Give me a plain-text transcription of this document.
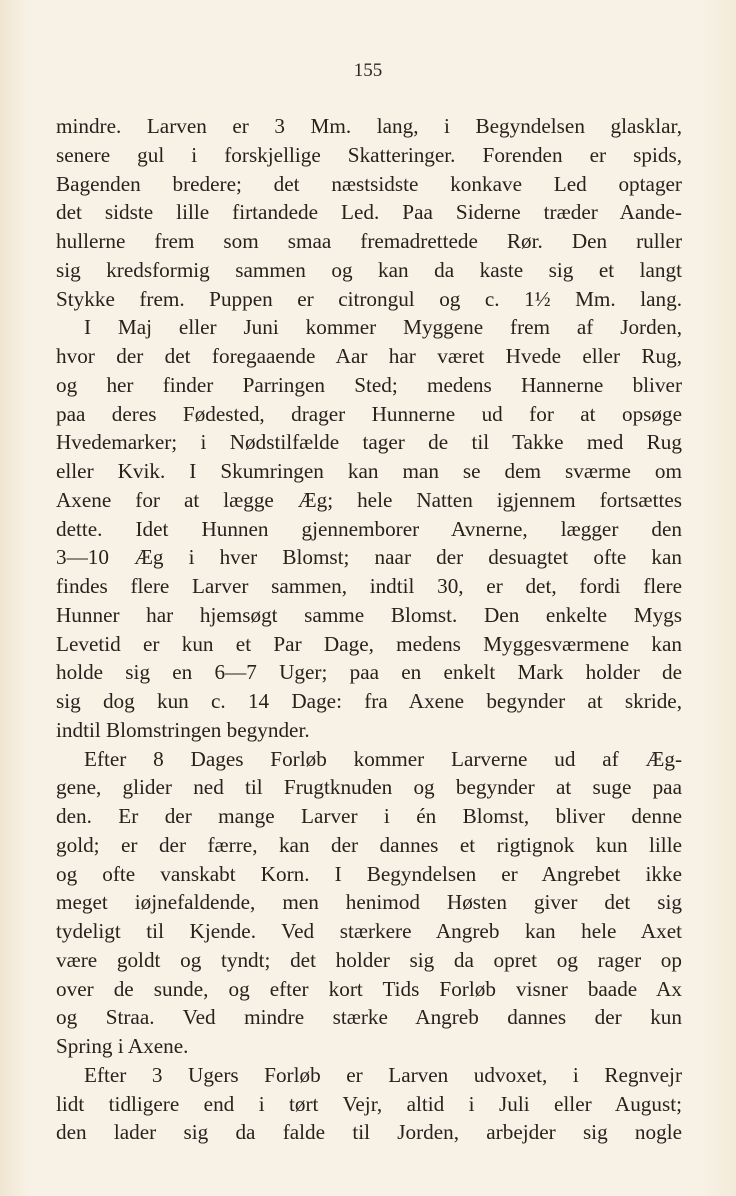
155
mindre. Larven er 3 Mm. lang, i Begyndelsen glasklar,
senere gul i forskjellige Skatteringer. Forenden er spids,
Bagenden bredere; det næstsidste konkave Led optager
det sidste lille firtandede Led. Paa Siderne træder Aande-
hullerne frem som smaa fremadrettede Rør. Den ruller
sig kredsformig sammen og kan da kaste sig et langt
Stykke frem. Puppen er citrongul og c. 1½ Mm. lang.
I Maj eller Juni kommer Myggene frem af Jorden,
hvor der det foregaaende Aar har været Hvede eller Rug,
og her finder Parringen Sted; medens Hannerne bliver
paa deres Fødested, drager Hunnerne ud for at opsøge
Hvedemarker; i Nødstilfælde tager de til Takke med Rug
eller Kvik. I Skumringen kan man se dem sværme om
Axene for at lægge Æg; hele Natten igjennem fortsættes
dette. Idet Hunnen gjennemborer Avnerne, lægger den
3—10 Æg i hver Blomst; naar der desuagtet ofte kan
findes flere Larver sammen, indtil 30, er det, fordi flere
Hunner har hjemsøgt samme Blomst. Den enkelte Mygs
Levetid er kun et Par Dage, medens Myggesværmene kan
holde sig en 6—7 Uger; paa en enkelt Mark holder de
sig dog kun c. 14 Dage: fra Axene begynder at skride,
indtil Blomstringen begynder.
Efter 8 Dages Forløb kommer Larverne ud af Æg-
gene, glider ned til Frugtknuden og begynder at suge paa
den. Er der mange Larver i én Blomst, bliver denne
gold; er der færre, kan der dannes et rigtignok kun lille
og ofte vanskabt Korn. I Begyndelsen er Angrebet ikke
meget iøjnefaldende, men henimod Høsten giver det sig
tydeligt til Kjende. Ved stærkere Angreb kan hele Axet
være goldt og tyndt; det holder sig da opret og rager op
over de sunde, og efter kort Tids Forløb visner baade Ax
og Straa. Ved mindre stærke Angreb dannes der kun
Spring i Axene.
Efter 3 Ugers Forløb er Larven udvoxet, i Regnvejr
lidt tidligere end i tørt Vejr, altid i Juli eller August;
den lader sig da falde til Jorden, arbejder sig nogle
